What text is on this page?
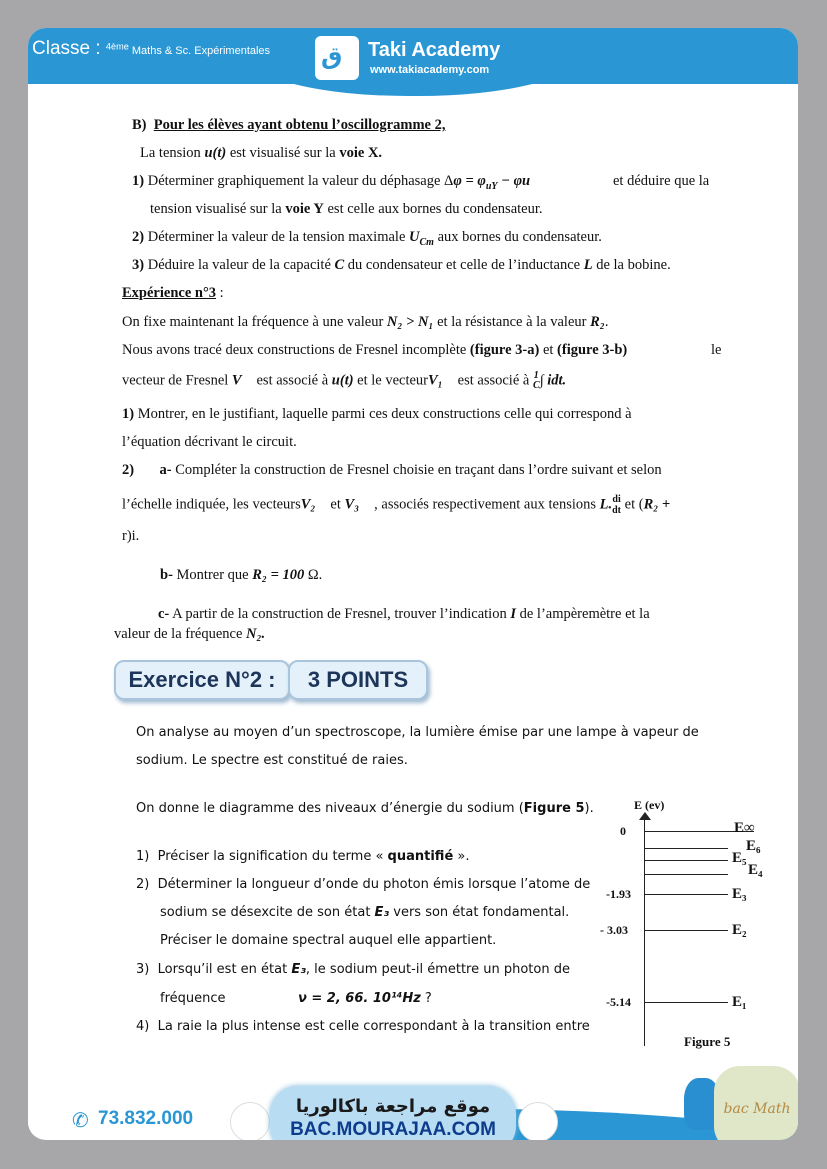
Classe : $^{4ème}$ Maths & Sc. Expérimentales ق Taki Academy
www.takiacademy.com
B) Pour les élèves ayant obtenu l’oscillogramme 2,
La tension u(t) est visualisé sur la voie X.
1) Déterminer graphiquement la valeur du déphasage $\Delta\varphi = \varphi_{uY} - \varphi u$	et déduire que la
tension visualisé sur la voie Y est celle aux bornes du condensateur.
2) Déterminer la valeur de la tension maximale $U_{Cm}$ aux bornes du condensateur.
3) Déduire la valeur de la capacité C du condensateur et celle de l’inductance L de la bobine.
Expérience n°3 :
On fixe maintenant la fréquence à une valeur N₂ > N₁ et la résistance à la valeur R₂.
Nous avons tracé deux constructions de Fresnel incomplète (figure 3-a) et (figure 3-b)	le
vecteur de Fresnel V⃗ est associé à u(t) et le vecteurV₁⃗ est associé à 1
C∫ idt.
1) Montrer, en le justifiant, laquelle parmi ces deux constructions celle qui correspond à
l’équation décrivant le circuit.
2) a- Compléter la construction de Fresnel choisie en traçant dans l’ordre suivant et selon
l’échelle indiquée, les vecteursV₂⃗ et V₃⃗ , associés respectivement aux tensions L.di
dt et (R₂ +
r)i.
b- Montrer que R₂ = 100 Ω.
c- A partir de la construction de Fresnel, trouver l’indication I de l’ampèremètre et la
valeur de la fréquence N₂.
Exercice N°2 :	3 POINTS
On analyse au moyen d’un spectroscope, la lumière émise par une lampe à vapeur de
sodium. Le spectre est constitué de raies.
On donne le diagramme des niveaux d’énergie du sodium (Figure 5).
1) Préciser la signification du terme « quantifié ».
2) Déterminer la longueur d’onde du photon émis lorsque l’atome de
sodium se désexcite de son état E₃ vers son état fondamental.
Préciser le domaine spectral auquel elle appartient.
3) Lorsqu’il est en état E₃, le sodium peut-il émettre un photon de
fréquence	ν = 2, 66. 10¹⁴Hz ?
4) La raie la plus intense est celle correspondant à la transition entre
E (ev)
0	E∞
E₆
E₅
E₄
-1.93	E₃
- 3.03	E₂
-5.14	E₁
Figure 5
✆ 73.832.000
موقع مراجعة باكالوريا
BAC.MOURAJAA.COM
bac Math
